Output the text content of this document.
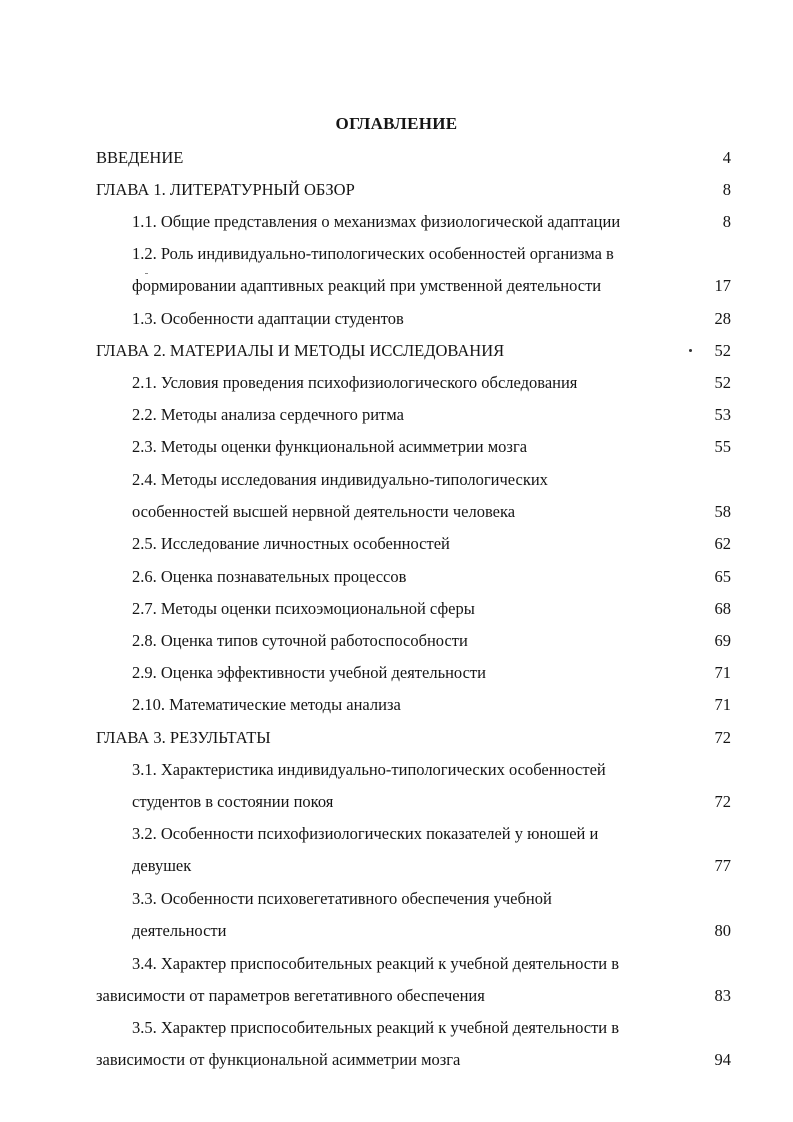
ОГЛАВЛЕНИЕ
ВВЕДЕНИЕ	4
ГЛАВА 1. ЛИТЕРАТУРНЫЙ ОБЗОР	8
1.1. Общие представления о механизмах физиологической адаптации	8
1.2. Роль индивидуально-типологических особенностей организма в
формировании адаптивных реакций при умственной деятельности	17
1.3. Особенности адаптации студентов	28
ГЛАВА 2. МАТЕРИАЛЫ И МЕТОДЫ ИССЛЕДОВАНИЯ	52
2.1. Условия проведения психофизиологического обследования	52
2.2. Методы анализа сердечного ритма	53
2.3. Методы оценки функциональной асимметрии мозга	55
2.4. Методы исследования индивидуально-типологических
особенностей высшей нервной деятельности человека	58
2.5. Исследование личностных особенностей	62
2.6. Оценка познавательных процессов	65
2.7. Методы оценки психоэмоциональной сферы	68
2.8. Оценка типов суточной работоспособности	69
2.9. Оценка эффективности учебной деятельности	71
2.10. Математические методы анализа	71
ГЛАВА 3. РЕЗУЛЬТАТЫ	72
3.1. Характеристика индивидуально-типологических особенностей
студентов в состоянии покоя	72
3.2. Особенности психофизиологических показателей у юношей и
девушек	77
3.3. Особенности психовегетативного обеспечения учебной
деятельности	80
3.4. Характер приспособительных реакций к учебной деятельности в
зависимости от параметров вегетативного обеспечения	83
3.5. Характер приспособительных реакций к учебной деятельности в
зависимости от функциональной асимметрии мозга	94
